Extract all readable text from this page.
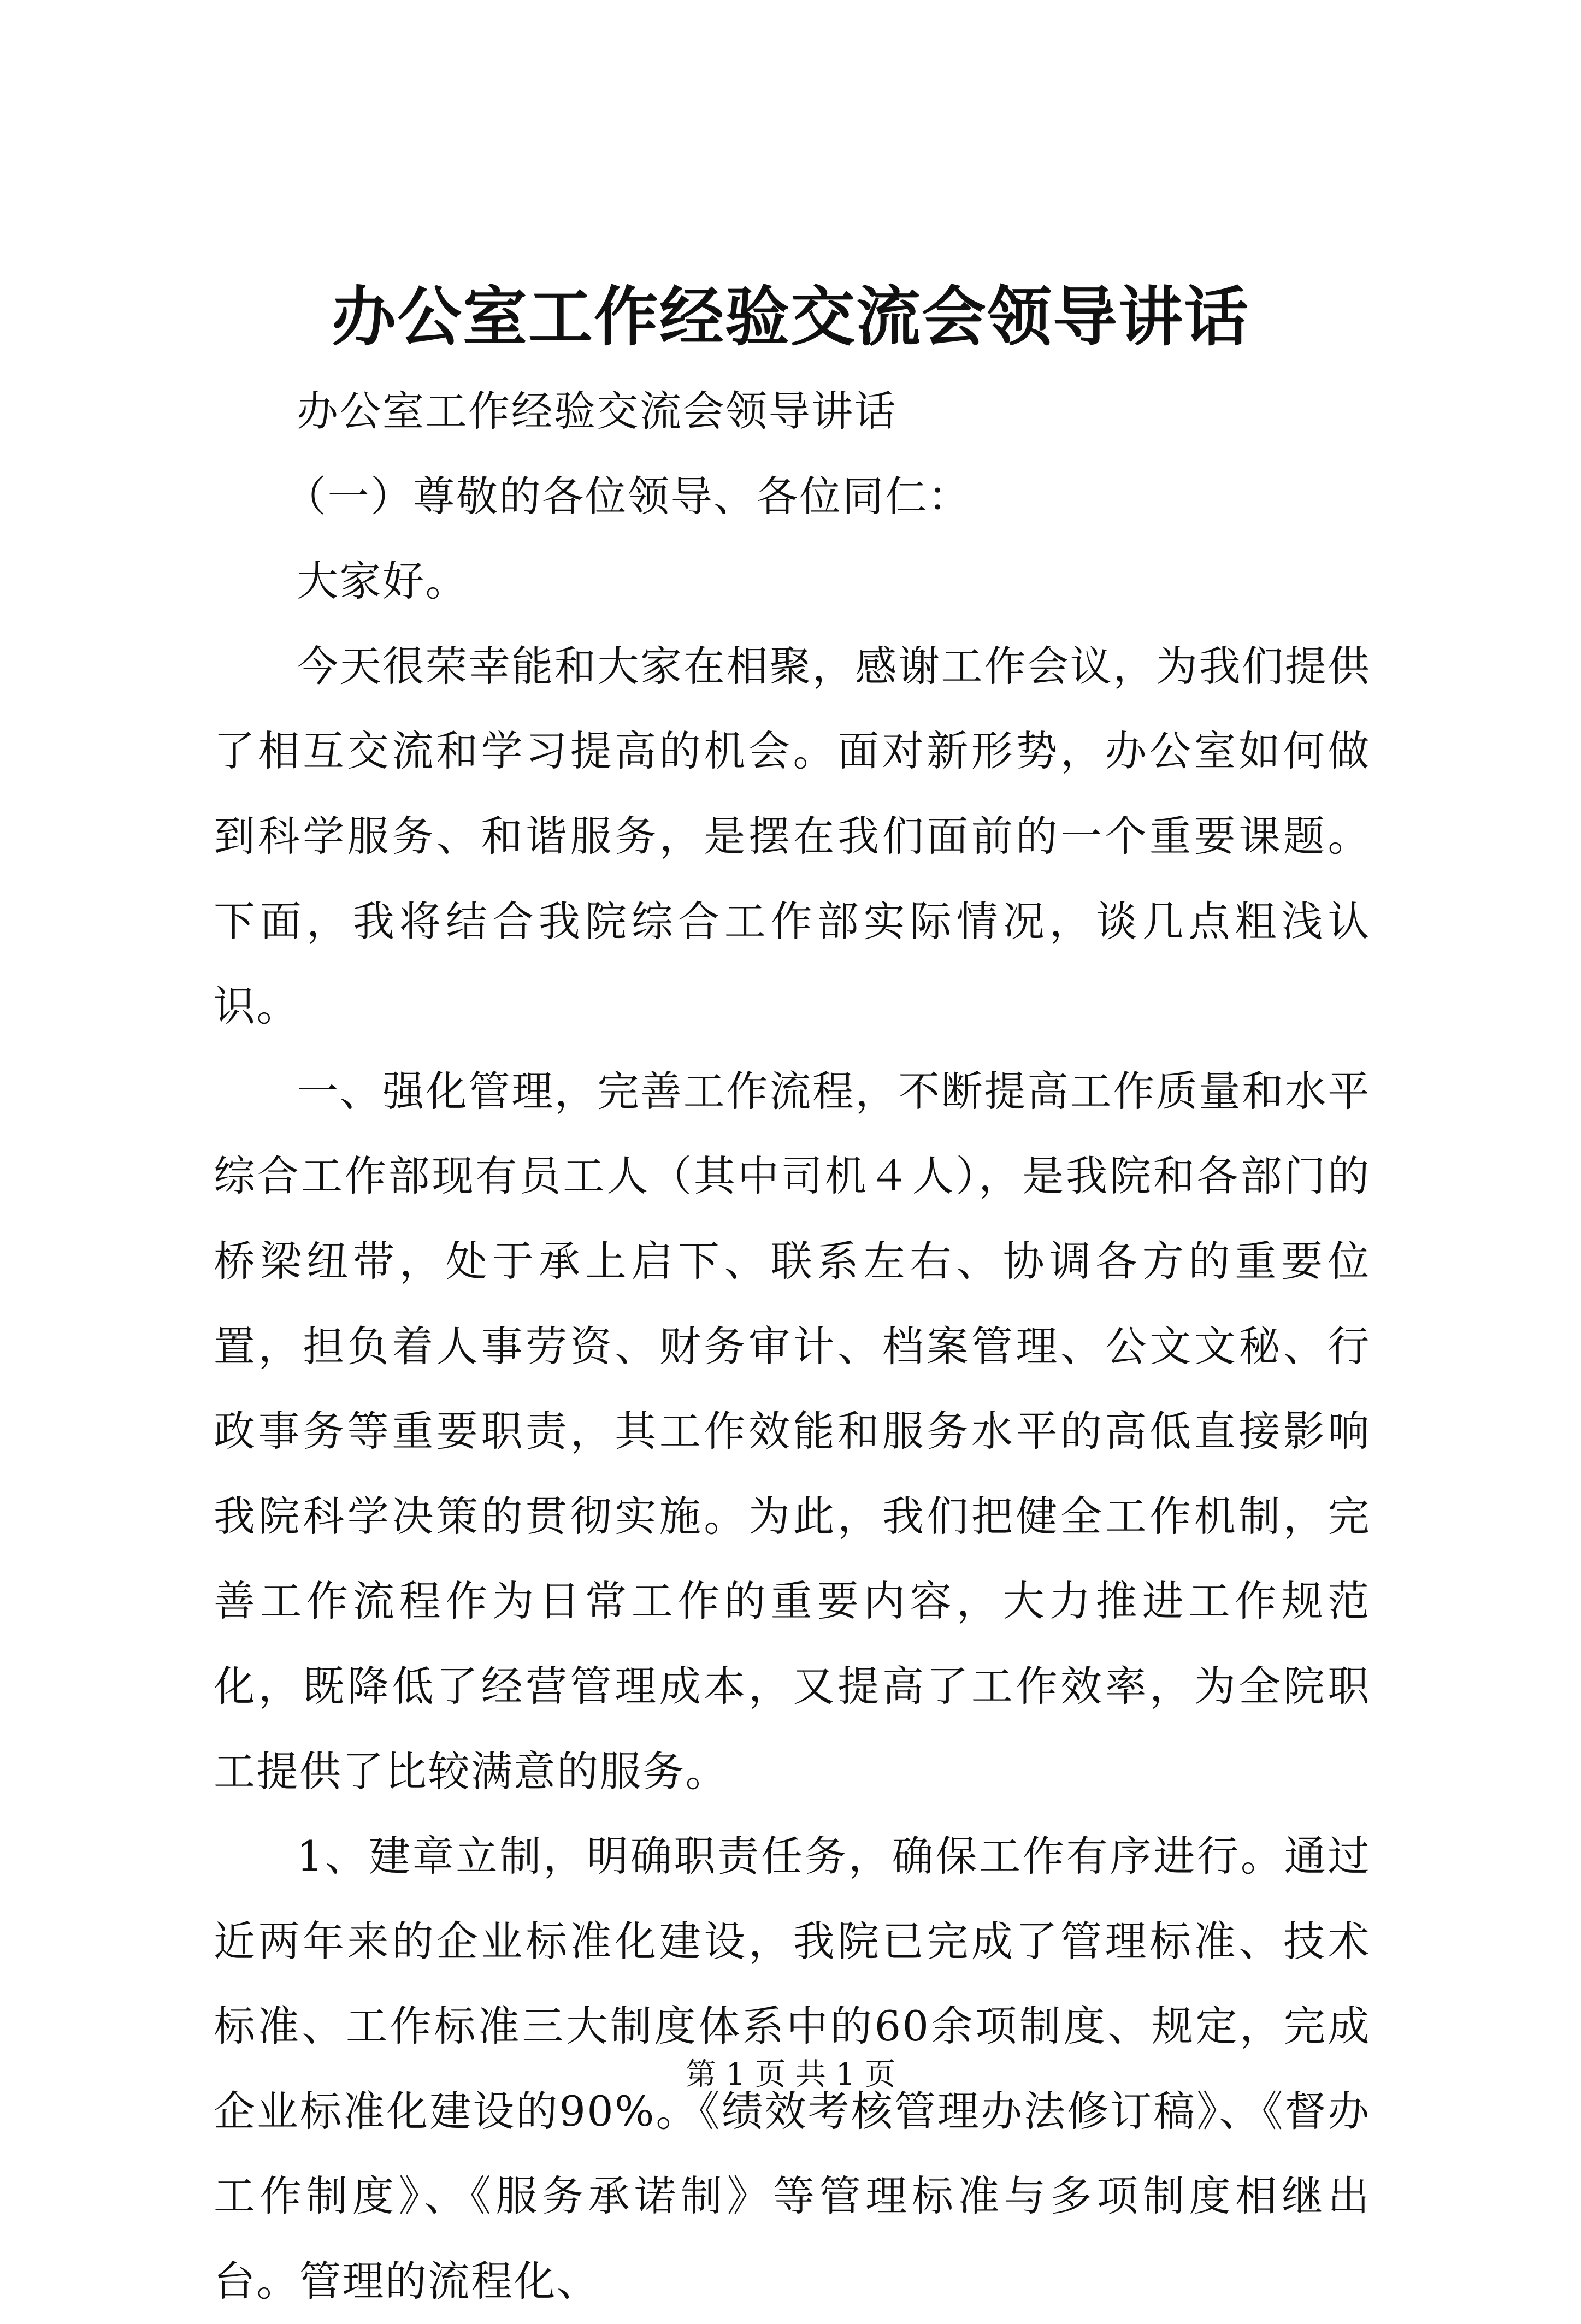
办公室工作经验交流会领导讲话

办公室工作经验交流会领导讲话

（一）尊敬的各位领导、各位同仁：

大家好。

今天很荣幸能和大家在相聚，感谢工作会议，为我们提供了相互交流和学习提高的机会。面对新形势，办公室如何做到科学服务、和谐服务，是摆在我们面前的一个重要课题。下面，我将结合我院综合工作部实际情况，谈几点粗浅认识。

一、强化管理，完善工作流程，不断提高工作质量和水平综合工作部现有员工人（其中司机４人），是我院和各部门的桥梁纽带，处于承上启下、联系左右、协调各方的重要位置，担负着人事劳资、财务审计、档案管理、公文文秘、行政事务等重要职责，其工作效能和服务水平的高低直接影响我院科学决策的贯彻实施。为此，我们把健全工作机制，完善工作流程作为日常工作的重要内容，大力推进工作规范化，既降低了经营管理成本，又提高了工作效率，为全院职工提供了比较满意的服务。

1、建章立制，明确职责任务，确保工作有序进行。通过近两年来的企业标准化建设，我院已完成了管理标准、技术标准、工作标准三大制度体系中的60余项制度、规定，完成企业标准化建设的90%。《绩效考核管理办法修订稿》、《督办工作制度》、《服务承诺制》等管理标准与多项制度相继出台。管理的流程化、

第 1 页 共 1 页
